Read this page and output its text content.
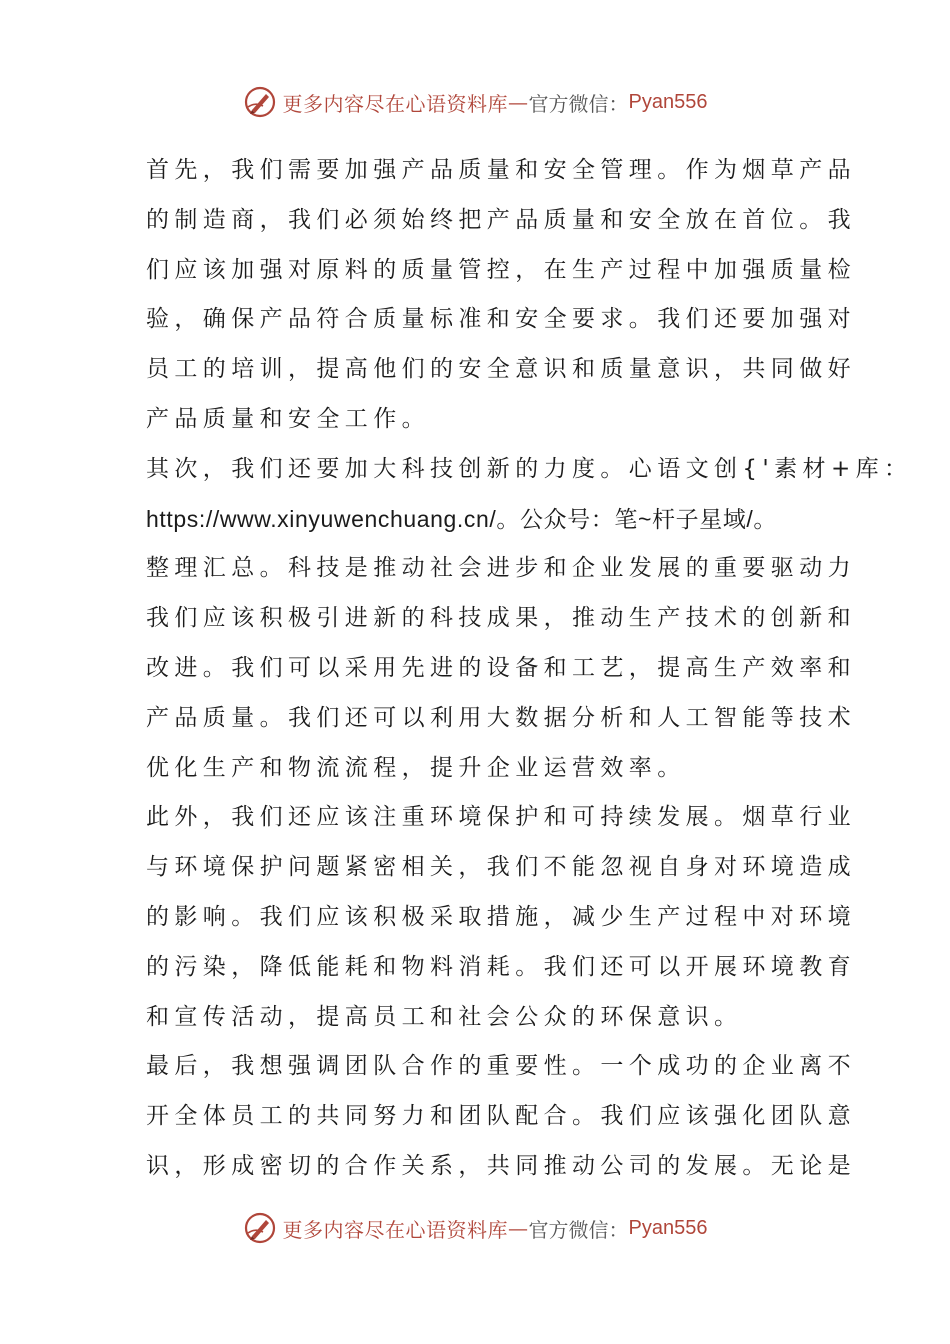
更多内容尽在心语资料库 — 官方微信： Pyan556
首先，我们需要加强产品质量和安全管理。作为烟草产品
的制造商，我们必须始终把产品质量和安全放在首位。我
们应该加强对原料的质量管控，在生产过程中加强质量检
验，确保产品符合质量标准和安全要求。我们还要加强对
员工的培训，提高他们的安全意识和质量意识，共同做好
产品质量和安全工作。
其次，我们还要加大科技创新的力度。心语文创{'素材+库：
https://www.xinyuwenchuang.cn/。公众号：笔~杆子星域/。
整理汇总。科技是推动社会进步和企业发展的重要驱动力
我们应该积极引进新的科技成果，推动生产技术的创新和
改进。我们可以采用先进的设备和工艺，提高生产效率和
产品质量。我们还可以利用大数据分析和人工智能等技术
优化生产和物流流程，提升企业运营效率。
此外，我们还应该注重环境保护和可持续发展。烟草行业
与环境保护问题紧密相关，我们不能忽视自身对环境造成
的影响。我们应该积极采取措施，减少生产过程中对环境
的污染，降低能耗和物料消耗。我们还可以开展环境教育
和宣传活动，提高员工和社会公众的环保意识。
最后，我想强调团队合作的重要性。一个成功的企业离不
开全体员工的共同努力和团队配合。我们应该强化团队意
识，形成密切的合作关系，共同推动公司的发展。无论是
更多内容尽在心语资料库 — 官方微信： Pyan556
